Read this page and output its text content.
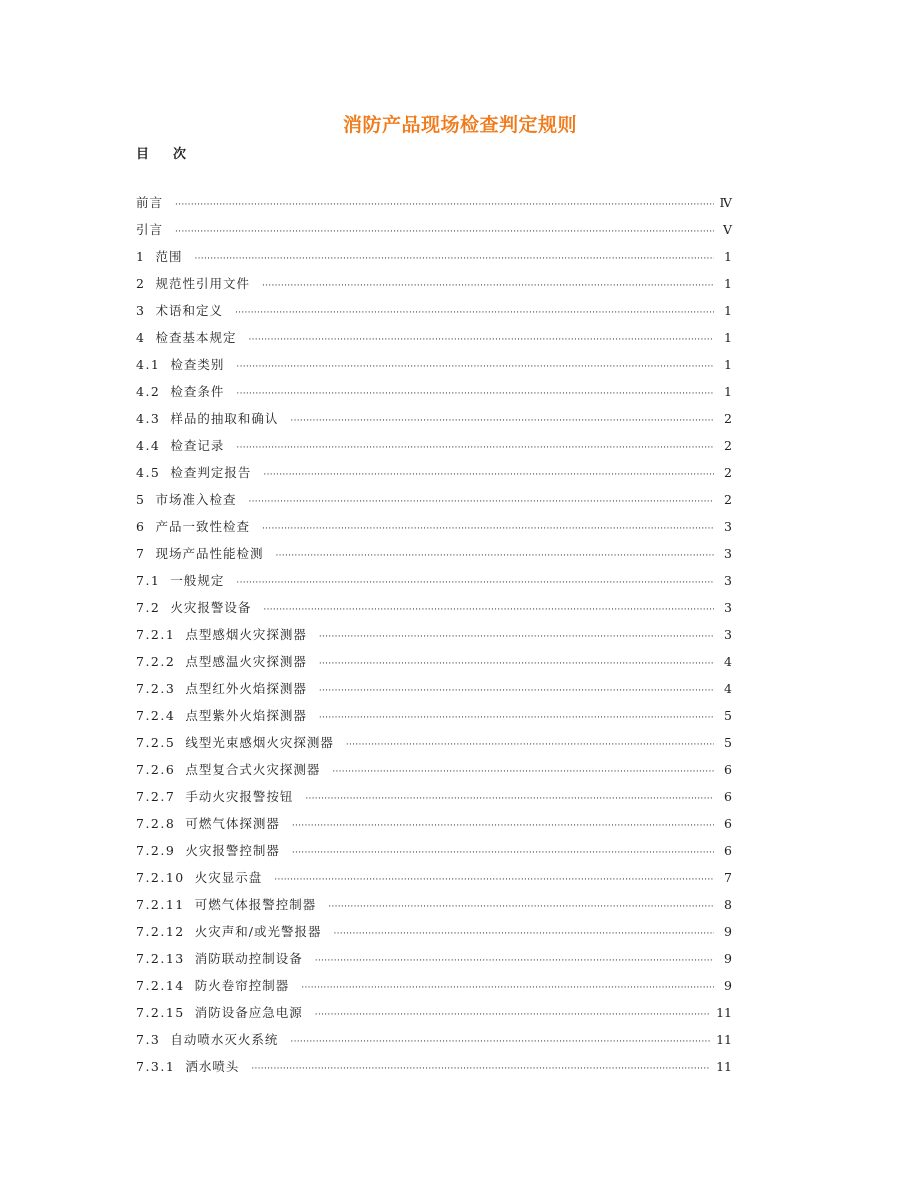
消防产品现场检查判定规则
目 次
前言 ·····	Ⅳ
引言 ·····	Ⅴ
1 范围 ·····	1
2 规范性引用文件 ·····	1
3 术语和定义 ·····	1
4 检查基本规定 ·····	1
4.1 检查类别 ·····	1
4.2 检查条件 ·····	1
4.3 样品的抽取和确认 ·····	2
4.4 检查记录 ·····	2
4.5 检查判定报告 ·····	2
5 市场准入检查 ·····	2
6 产品一致性检查 ·····	3
7 现场产品性能检测 ·····	3
7.1 一般规定 ·····	3
7.2 火灾报警设备 ·····	3
7.2.1 点型感烟火灾探测器 ·····	3
7.2.2 点型感温火灾探测器 ·····	4
7.2.3 点型红外火焰探测器 ·····	4
7.2.4 点型紫外火焰探测器 ·····	5
7.2.5 线型光束感烟火灾探测器 ·····	5
7.2.6 点型复合式火灾探测器 ·····	6
7.2.7 手动火灾报警按钮 ·····	6
7.2.8 可燃气体探测器 ·····	6
7.2.9 火灾报警控制器 ·····	6
7.2.10 火灾显示盘 ·····	7
7.2.11 可燃气体报警控制器 ·····	8
7.2.12 火灾声和/或光警报器 ·····	9
7.2.13 消防联动控制设备 ·····	9
7.2.14 防火卷帘控制器 ·····	9
7.2.15 消防设备应急电源 ·····	11
7.3 自动喷水灭火系统 ·····	11
7.3.1 洒水喷头 ·····	11
